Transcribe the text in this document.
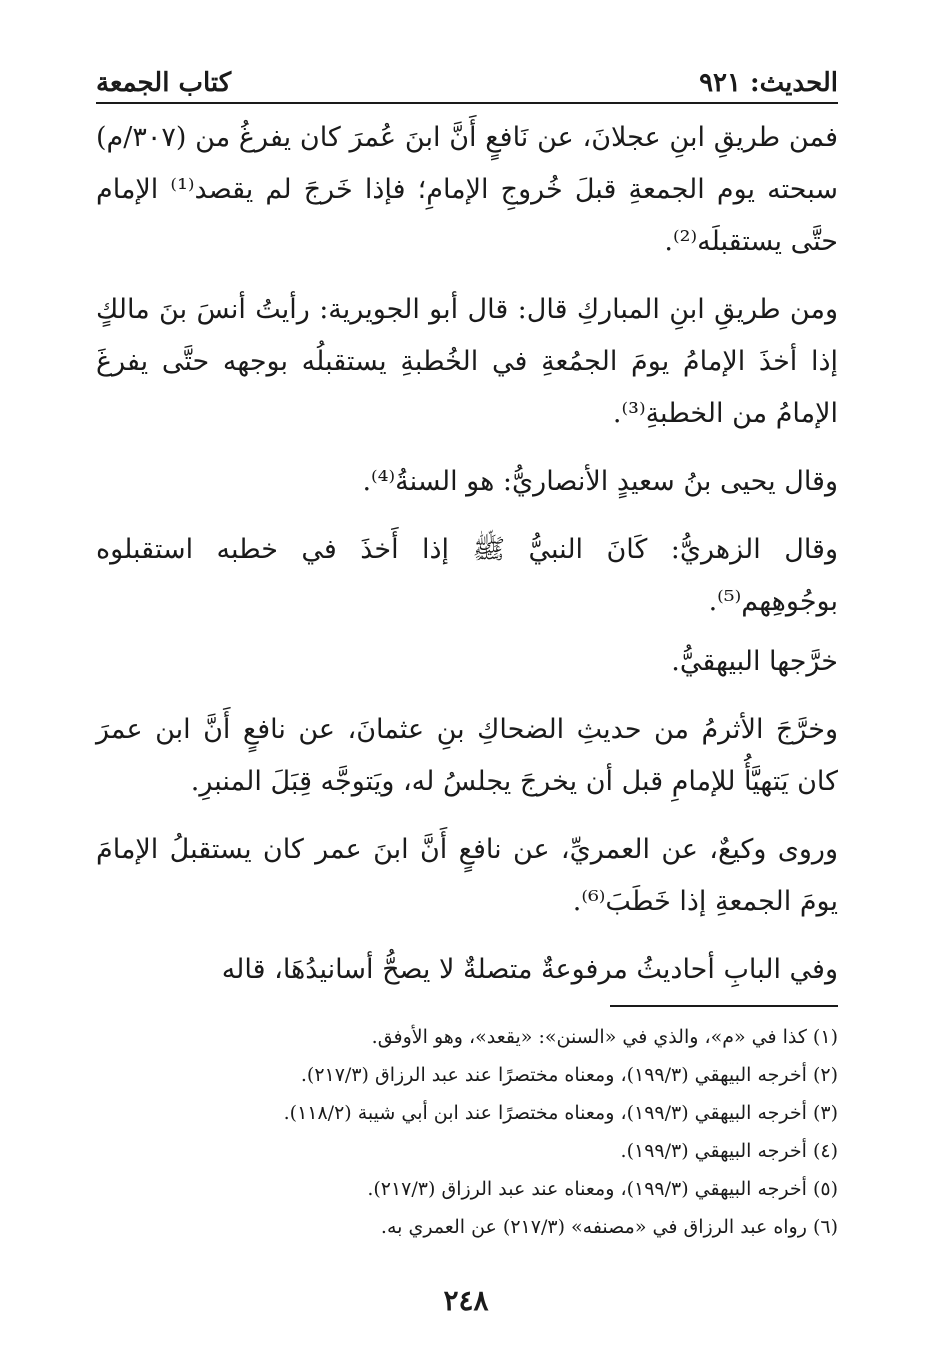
الحديث: ٩٢١
كتاب الجمعة

فمن طريقِ ابنِ عجلانَ، عن نَافعٍ أَنَّ ابنَ عُمرَ كان يفرغُ من (٣٠٧/م) سبحته يوم الجمعةِ قبلَ خُروجِ الإمامِ؛ فإذا خَرجَ لم يقصد⁽¹⁾ الإمام حتَّى يستقبلَه⁽²⁾.

ومن طريقِ ابنِ المباركِ قال: قال أبو الجويرية: رأيتُ أنسَ بنَ مالكٍ إذا أخذَ الإمامُ يومَ الجمُعةِ في الخُطبةِ يستقبلُه بوجهه حتَّى يفرغَ الإمامُ من الخطبةِ⁽³⁾.

وقال يحيى بنُ سعيدٍ الأنصاريُّ: هو السنةُ⁽⁴⁾.

وقال الزهريُّ: كَانَ النبيُّ ﷺ إذا أَخذَ في خطبه استقبلوه بوجُوهِهم⁽⁵⁾.

خرَّجها البيهقيُّ.

وخرَّجَ الأثرمُ من حديثِ الضحاكِ بنِ عثمانَ، عن نافعٍ أَنَّ ابن عمرَ كان يَتهيَّأُ للإمامِ قبل أن يخرجَ يجلسُ له، ويَتوجَّه قِبَلَ المنبرِ.

وروى وكيعٌ، عن العمريِّ، عن نافعٍ أَنَّ ابنَ عمر كان يستقبلُ الإمامَ يومَ الجمعةِ إذا خَطَبَ⁽⁶⁾.

وفي البابِ أحاديثُ مرفوعةٌ متصلةٌ لا يصحُّ أسانيدُهَا، قاله

(١) كذا في «م»، والذي في «السنن»: «يقعد»، وهو الأوفق.
(٢) أخرجه البيهقي (١٩٩/٣)، ومعناه مختصرًا عند عبد الرزاق (٢١٧/٣).
(٣) أخرجه البيهقي (١٩٩/٣)، ومعناه مختصرًا عند ابن أبي شيبة (١١٨/٢).
(٤) أخرجه البيهقي (١٩٩/٣).
(٥) أخرجه البيهقي (١٩٩/٣)، ومعناه عند عبد الرزاق (٢١٧/٣).
(٦) رواه عبد الرزاق في «مصنفه» (٢١٧/٣) عن العمري به.
٢٤٨
